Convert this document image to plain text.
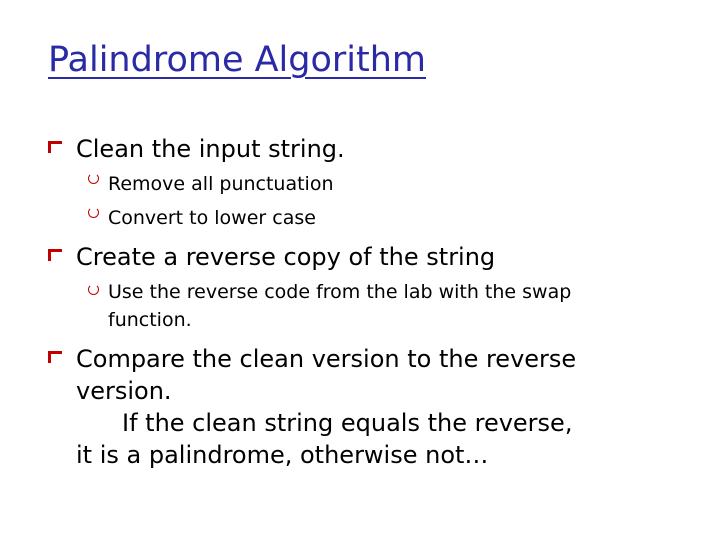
Palindrome Algorithm
Clean the input string.
Remove all punctuation
Convert to lower case
Create a reverse copy of the string
Use the reverse code from the lab with the swap function.
Compare the clean version to the reverse version.
If the clean string equals the reverse,
it is a palindrome, otherwise not…
